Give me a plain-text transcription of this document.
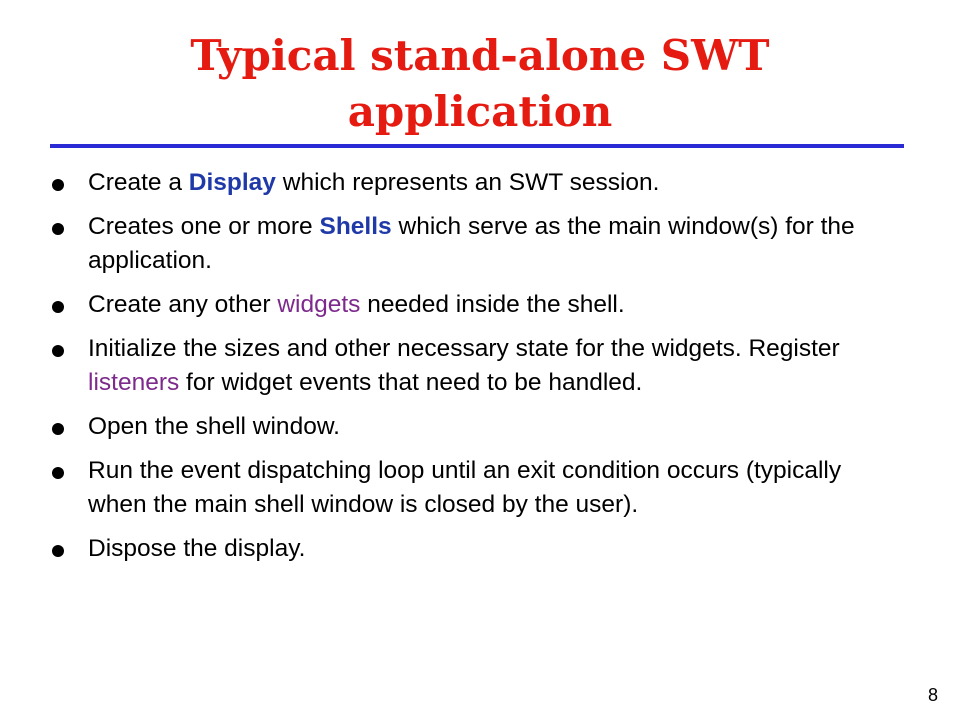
Typical stand-alone SWT
application
Create a Display which represents an SWT session.
Creates one or more Shells which serve as the main window(s) for the application.
Create any other widgets needed inside the shell.
Initialize the sizes and other necessary state for the widgets. Register listeners for widget events that need to be handled.
Open the shell window.
Run the event dispatching loop until an exit condition occurs (typically when the main shell window is closed by the user).
Dispose the display.
8
